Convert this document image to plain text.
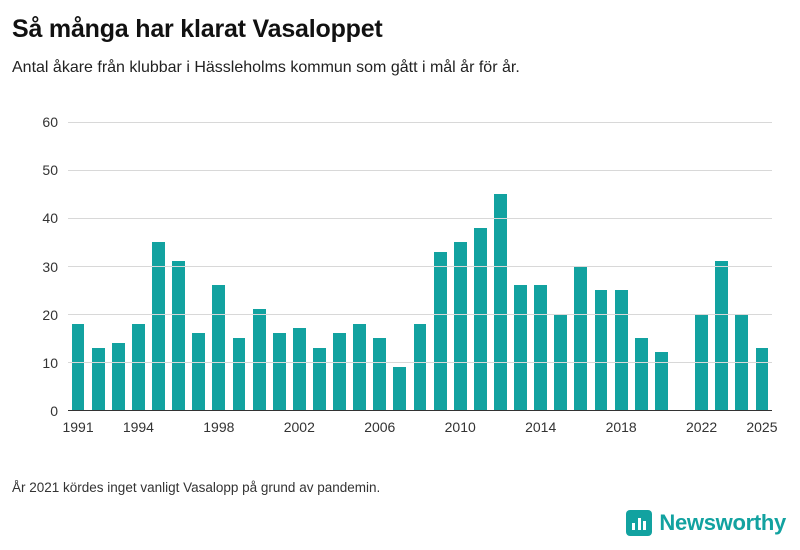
Så många har klarat Vasaloppet

Antal åkare från klubbar i Hässleholms kommun som gått i mål år för år.

0
10
20
30
40
50
60
1991 1994	1998	2002	2006	2010	2014	2018	2022 2025
År 2021 kördes inget vanligt Vasalopp på grund av pandemin.
Newsworthy
